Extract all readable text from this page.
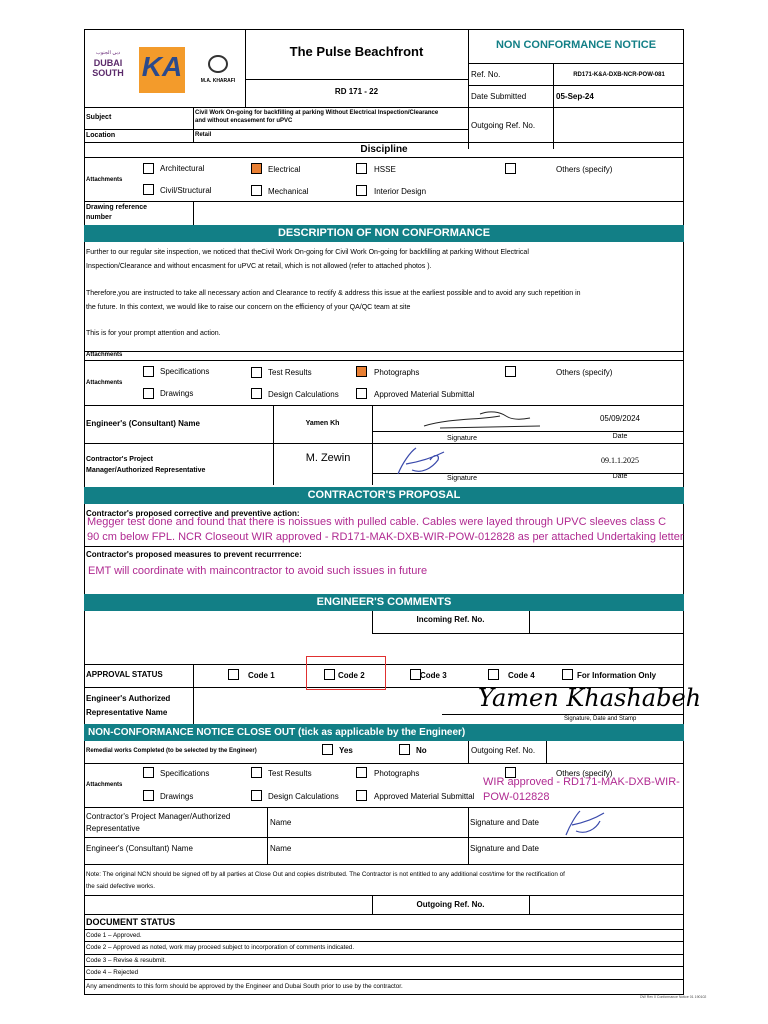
دبي الجنوب
DUBAI
SOUTH KA	M.A. KHARAFI
The Pulse Beachfront	NON CONFORMANCE NOTICE
RD 171 - 22
Ref. No.	RD171-K&A-DXB-NCR-POW-081
Date Submitted	05-Sep-24
Outgoing Ref. No.
Subject
Civil Work On-going for backfilling at parking Without Electrical Inspection/Clearance
and without encasement for uPVC
Location	Retail
Discipline
Attachments
Architectural	Electrical	HSSE	Others (specify)
Civil/Structural	Mechanical	Interior Design
Drawing reference
number
DESCRIPTION OF NON CONFORMANCE
Further to our regular site inspection, we noticed that theCivil Work On-going for Civil Work On-going for backfilling at parking Without Electrical
Inspection/Clearance and without encasment for uPVC at retail, which is not allowed (refer to attached photos ).
Therefore,you are instructed to take all necessary action and Clearance to rectify & address this issue at the earliest possible and to avoid any such repetition in
the future. In this context, we would like to raise our concern on the efficiency of your QA/QC team at site
This is for your prompt attention and action.
Attachments
Attachments
Specifications	Test Results	Photographs	Others (specify)
Drawings	Design Calculations	Approved Material Submittal
Engineer's (Consultant) Name	Yamen Kh
05/09/2024
Signature	Date
Contractor's Project
Manager/Authorized Representative
M. Zewin	09.1.1.2025
Signature	Date
CONTRACTOR'S PROPOSAL
Contractor's proposed corrective and preventive action:
Megger test done and found that there is noissues with pulled cable. Cables were layed through UPVC sleeves class C
90 cm below FPL. NCR Closeout WIR approved - RD171-MAK-DXB-WIR-POW-012828 as per attached Undertaking letter
Contractor's proposed measures to prevent recurrrence:
EMT will coordinate with maincontractor to avoid such issues in future
ENGINEER'S COMMENTS
Incoming Ref. No.
APPROVAL STATUS	Code 1	Code 2	Code 3	Code 4	For Information Only
Engineer's Authorized
Representative Name
Yamen Khashabeh
Signature, Date and Stamp
NON-CONFORMANCE NOTICE CLOSE OUT (tick as applicable by the Engineer)
Remedial works Completed (to be selected by the Engineer)	Yes	No	Outgoing Ref. No.
Attachments
Specifications	Test Results	Photographs	Others (specify)
Drawings	Design Calculations	Approved Material Submittal
WIR approved - RD171-MAK-DXB-WIR-
POW-012828
Contractor's Project Manager/Authorized
Representative
Name	Signature and Date
Engineer's (Consultant) Name	Name	Signature and Date
Note: The original NCN should be signed off by all parties at Close Out and copies distributed. The Contractor is not entitled to any additional cost/time for the rectification of
the said defective works.
Outgoing Ref. No.
DOCUMENT STATUS
Code 1 – Approved.
Code 2 – Approved as noted, work may proceed subject to incorporation of comments indicated.
Code 3 – Revise & resubmit.
Code 4 – Rejected
Any amendments to this form should be approved by the Engineer and Dubai South prior to use by the contractor.
DW Rev 0 Conformance Notice 01 190102
